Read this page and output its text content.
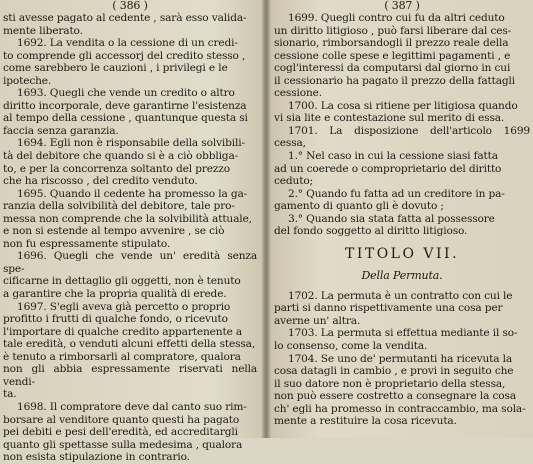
( 386 )

sti avesse pagato al cedente , sarà esso valida-

mente liberato.

1692. La vendita o la cessione di un credi-

to comprende gli accessorj del credito stesso ,

come sarebbero le cauzioni , i privilegi e le

ipoteche.

1693. Quegli che vende un credito o altro

diritto incorporale, deve garantirne l'esistenza

al tempo della cessione , quantunque questa si

faccia senza garanzia.

1694. Egli non è risponsabile della solvibili-

tà del debitore che quando si è a ciò obbliga-

to, e per la concorrenza soltanto del prezzo

che ha riscosso , del credito venduto.

1695. Quando il cedente ha promesso la ga-

ranzia della solvibilità del debitore, tale pro-

messa non comprende che la solvibilità attuale,

e non si estende al tempo avvenire , se ciò

non fu espressamente stipulato.

1696. Quegli che vende un' eredità senza spe-

cificarne in dettaglio gli oggetti, non è tenuto

a garantire che la propria qualità di erede.

1697. S'egli aveva già percetto o proprio

profitto i frutti di qualche fondo, o ricevuto

l'importare di qualche credito appartenente a

tale eredità, o venduti alcuni effetti della stessa,

è tenuto a rimborsarli al compratore, qualora

non gli abbia espressamente riservati nella vendi-

ta.

1698. Il compratore deve dal canto suo rim-

borsare al venditore quanto questi ha pagato

pei debiti e pesi dell'eredità, ed accreditargli

quanto gli spettasse sulla medesima , qualora

non esista stipulazione in contrario.

( 387 )

1699. Quegli contro cui fu da altri ceduto

un diritto litigioso , può farsi liberare dal ces-

sionario, rimborsandogli il prezzo reale della

cessione colle spese e legittimi pagamenti , e

cogl'interessi da computarsi dal giorno in cui

il cessionario ha pagato il prezzo della fattagli

cessione.

1700. La cosa si ritiene per litigiosa quando

vi sia lite e contestazione sul merito di essa.

1701. La disposizione dell'articolo 1699 cessa,

1.° Nel caso in cui la cessione siasi fatta

ad un coerede o comproprietario del diritto

ceduto;

2.° Quando fu fatta ad un creditore in pa-

gamento di quanto gli è dovuto ;

3.° Quando sia stata fatta al possessore

del fondo soggetto al diritto litigioso.

TITOLO VII.
Della Permuta.

1702. La permuta è un contratto con cui le

parti si danno rispettivamente una cosa per

averne un' altra.

1703. La permuta si effettua mediante il so-

lo consenso, come la vendita.

1704. Se uno de' permutanti ha ricevuta la

cosa datagli in cambio , e provi in seguito che

il suo datore non è proprietario della stessa,

non può essere costretto a consegnare la cosa

ch' egli ha promesso in contraccambio, ma sola-

mente a restituire la cosa ricevuta.
